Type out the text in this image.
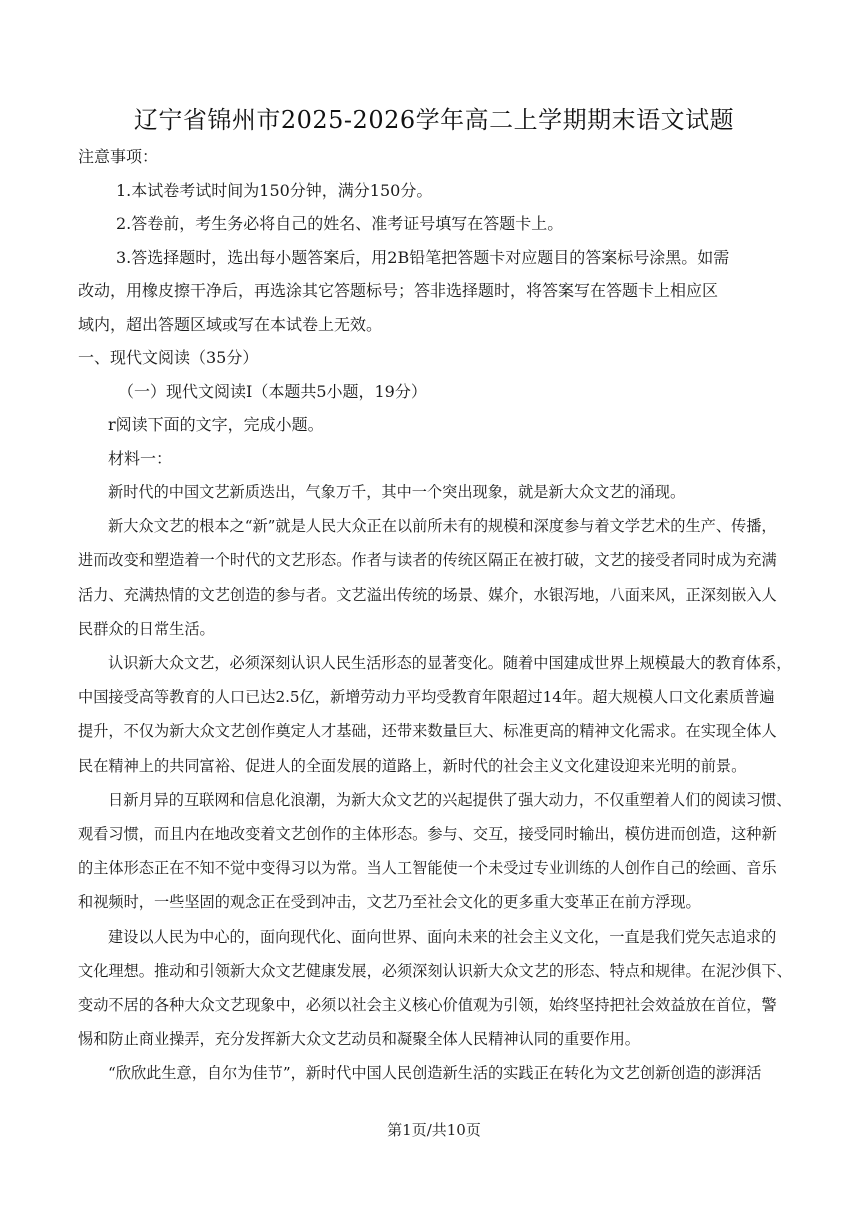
辽宁省锦州市2025-2026学年高二上学期期末语文试题
注意事项：
1.本试卷考试时间为150分钟，满分150分。
2.答卷前，考生务必将自己的姓名、准考证号填写在答题卡上。
3.答选择题时，选出每小题答案后，用2B铅笔把答题卡对应题目的答案标号涂黑。如需
改动，用橡皮擦干净后，再选涂其它答题标号；答非选择题时，将答案写在答题卡上相应区
域内，超出答题区域或写在本试卷上无效。
一、现代文阅读（35分）
（一）现代文阅读Ⅰ（本题共5小题，19分）
r阅读下面的文字，完成小题。
材料一：
新时代的中国文艺新质迭出，气象万千，其中一个突出现象，就是新大众文艺的涌现。
新大众文艺的根本之“新”就是人民大众正在以前所未有的规模和深度参与着文学艺术的生产、传播，
进而改变和塑造着一个时代的文艺形态。作者与读者的传统区隔正在被打破，文艺的接受者同时成为充满
活力、充满热情的文艺创造的参与者。文艺溢出传统的场景、媒介，水银泻地，八面来风，正深刻嵌入人
民群众的日常生活。
认识新大众文艺，必须深刻认识人民生活形态的显著变化。随着中国建成世界上规模最大的教育体系，
中国接受高等教育的人口已达2.5亿，新增劳动力平均受教育年限超过14年。超大规模人口文化素质普遍
提升，不仅为新大众文艺创作奠定人才基础，还带来数量巨大、标准更高的精神文化需求。在实现全体人
民在精神上的共同富裕、促进人的全面发展的道路上，新时代的社会主义文化建设迎来光明的前景。
日新月异的互联网和信息化浪潮，为新大众文艺的兴起提供了强大动力，不仅重塑着人们的阅读习惯、
观看习惯，而且内在地改变着文艺创作的主体形态。参与、交互，接受同时输出，模仿进而创造，这种新
的主体形态正在不知不觉中变得习以为常。当人工智能使一个未受过专业训练的人创作自己的绘画、音乐
和视频时，一些坚固的观念正在受到冲击，文艺乃至社会文化的更多重大变革正在前方浮现。
建设以人民为中心的，面向现代化、面向世界、面向未来的社会主义文化，一直是我们党矢志追求的
文化理想。推动和引领新大众文艺健康发展，必须深刻认识新大众文艺的形态、特点和规律。在泥沙俱下、
变动不居的各种大众文艺现象中，必须以社会主义核心价值观为引领，始终坚持把社会效益放在首位，警
惕和防止商业操弄，充分发挥新大众文艺动员和凝聚全体人民精神认同的重要作用。
“欣欣此生意，自尔为佳节”，新时代中国人民创造新生活的实践正在转化为文艺创新创造的澎湃活
第1页/共10页
